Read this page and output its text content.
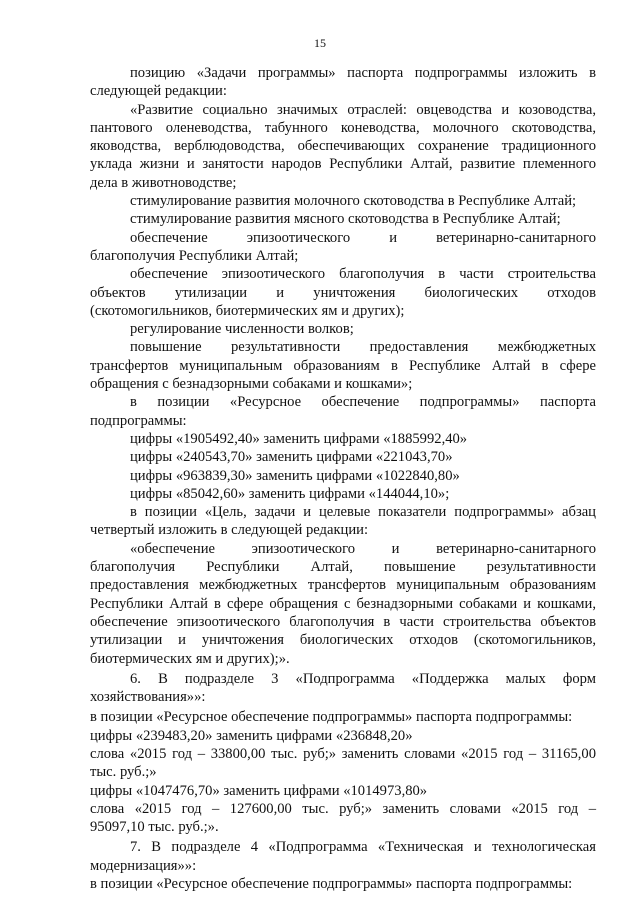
15
позицию «Задачи программы» паспорта подпрограммы изложить в
следующей редакции:
«Развитие социально значимых отраслей: овцеводства и козоводства,
пантового оленеводства, табунного коневодства, молочного скотоводства,
яководства, верблюдоводства, обеспечивающих сохранение традиционного
уклада жизни и занятости народов Республики Алтай, развитие племенного
дела в животноводстве;
стимулирование развития молочного скотоводства в Республике Алтай;
стимулирование развития мясного скотоводства в Республике Алтай;
обеспечение эпизоотического и ветеринарно-санитарного
благополучия Республики Алтай;
обеспечение эпизоотического благополучия в части строительства
объектов утилизации и уничтожения биологических отходов
(скотомогильников, биотермических ям и других);
регулирование численности волков;
повышение результативности предоставления межбюджетных
трансфертов муниципальным образованиям в Республике Алтай в сфере
обращения с безнадзорными собаками и кошками»;
в позиции «Ресурсное обеспечение подпрограммы» паспорта
подпрограммы:
цифры «1905492,40» заменить цифрами «1885992,40»
цифры «240543,70» заменить цифрами «221043,70»
цифры «963839,30» заменить цифрами «1022840,80»
цифры «85042,60» заменить цифрами «144044,10»;
в позиции «Цель, задачи и целевые показатели подпрограммы» абзац
четвертый изложить в следующей редакции:
«обеспечение эпизоотического и ветеринарно-санитарного
благополучия Республики Алтай, повышение результативности
предоставления межбюджетных трансфертов муниципальным образованиям
Республики Алтай в сфере обращения с безнадзорными собаками и кошками,
обеспечение эпизоотического благополучия в части строительства объектов
утилизации и уничтожения биологических отходов (скотомогильников,
биотермических ям и других);».
6. В подразделе 3 «Подпрограмма «Поддержка малых форм
хозяйствования»»:
в позиции «Ресурсное обеспечение подпрограммы» паспорта подпрограммы:
цифры «239483,20» заменить цифрами «236848,20»
слова «2015 год – 33800,00 тыс. руб;» заменить словами «2015 год – 31165,00
тыс. руб.;»
цифры «1047476,70» заменить цифрами «1014973,80»
слова «2015 год – 127600,00 тыс. руб;» заменить словами «2015 год –
95097,10 тыс. руб.;».
7. В подразделе 4 «Подпрограмма «Техническая и технологическая
модернизация»»:
в позиции «Ресурсное обеспечение подпрограммы» паспорта подпрограммы:
